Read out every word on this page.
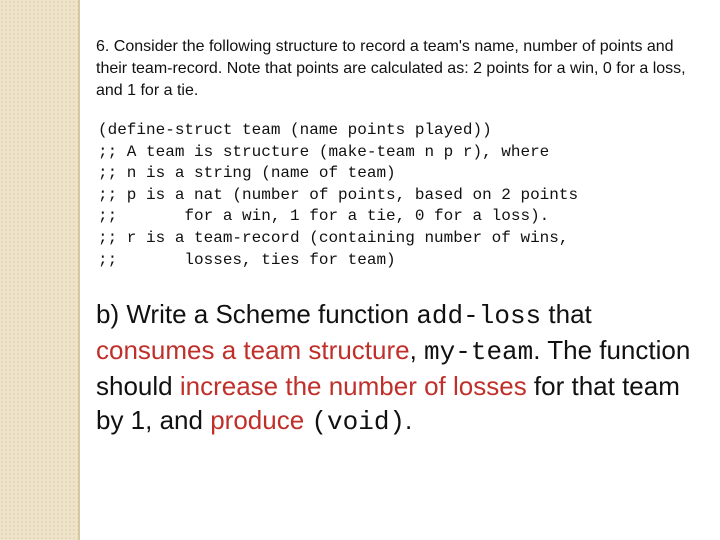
6. Consider the following structure to record a team's name, number of points and their team-record. Note that points are calculated as: 2 points for a win, 0 for a loss, and 1 for a tie.

(define-struct team (name points played))
;; A team is structure (make-team n p r), where
;; n is a string (name of team)
;; p is a nat (number of points, based on 2 points
;;       for a win, 1 for a tie, 0 for a loss).
;; r is a team-record (containing number of wins,
;;       losses, ties for team)

b) Write a Scheme function add-loss that consumes a team structure, my-team. The function should increase the number of losses for that team by 1, and produce (void).
